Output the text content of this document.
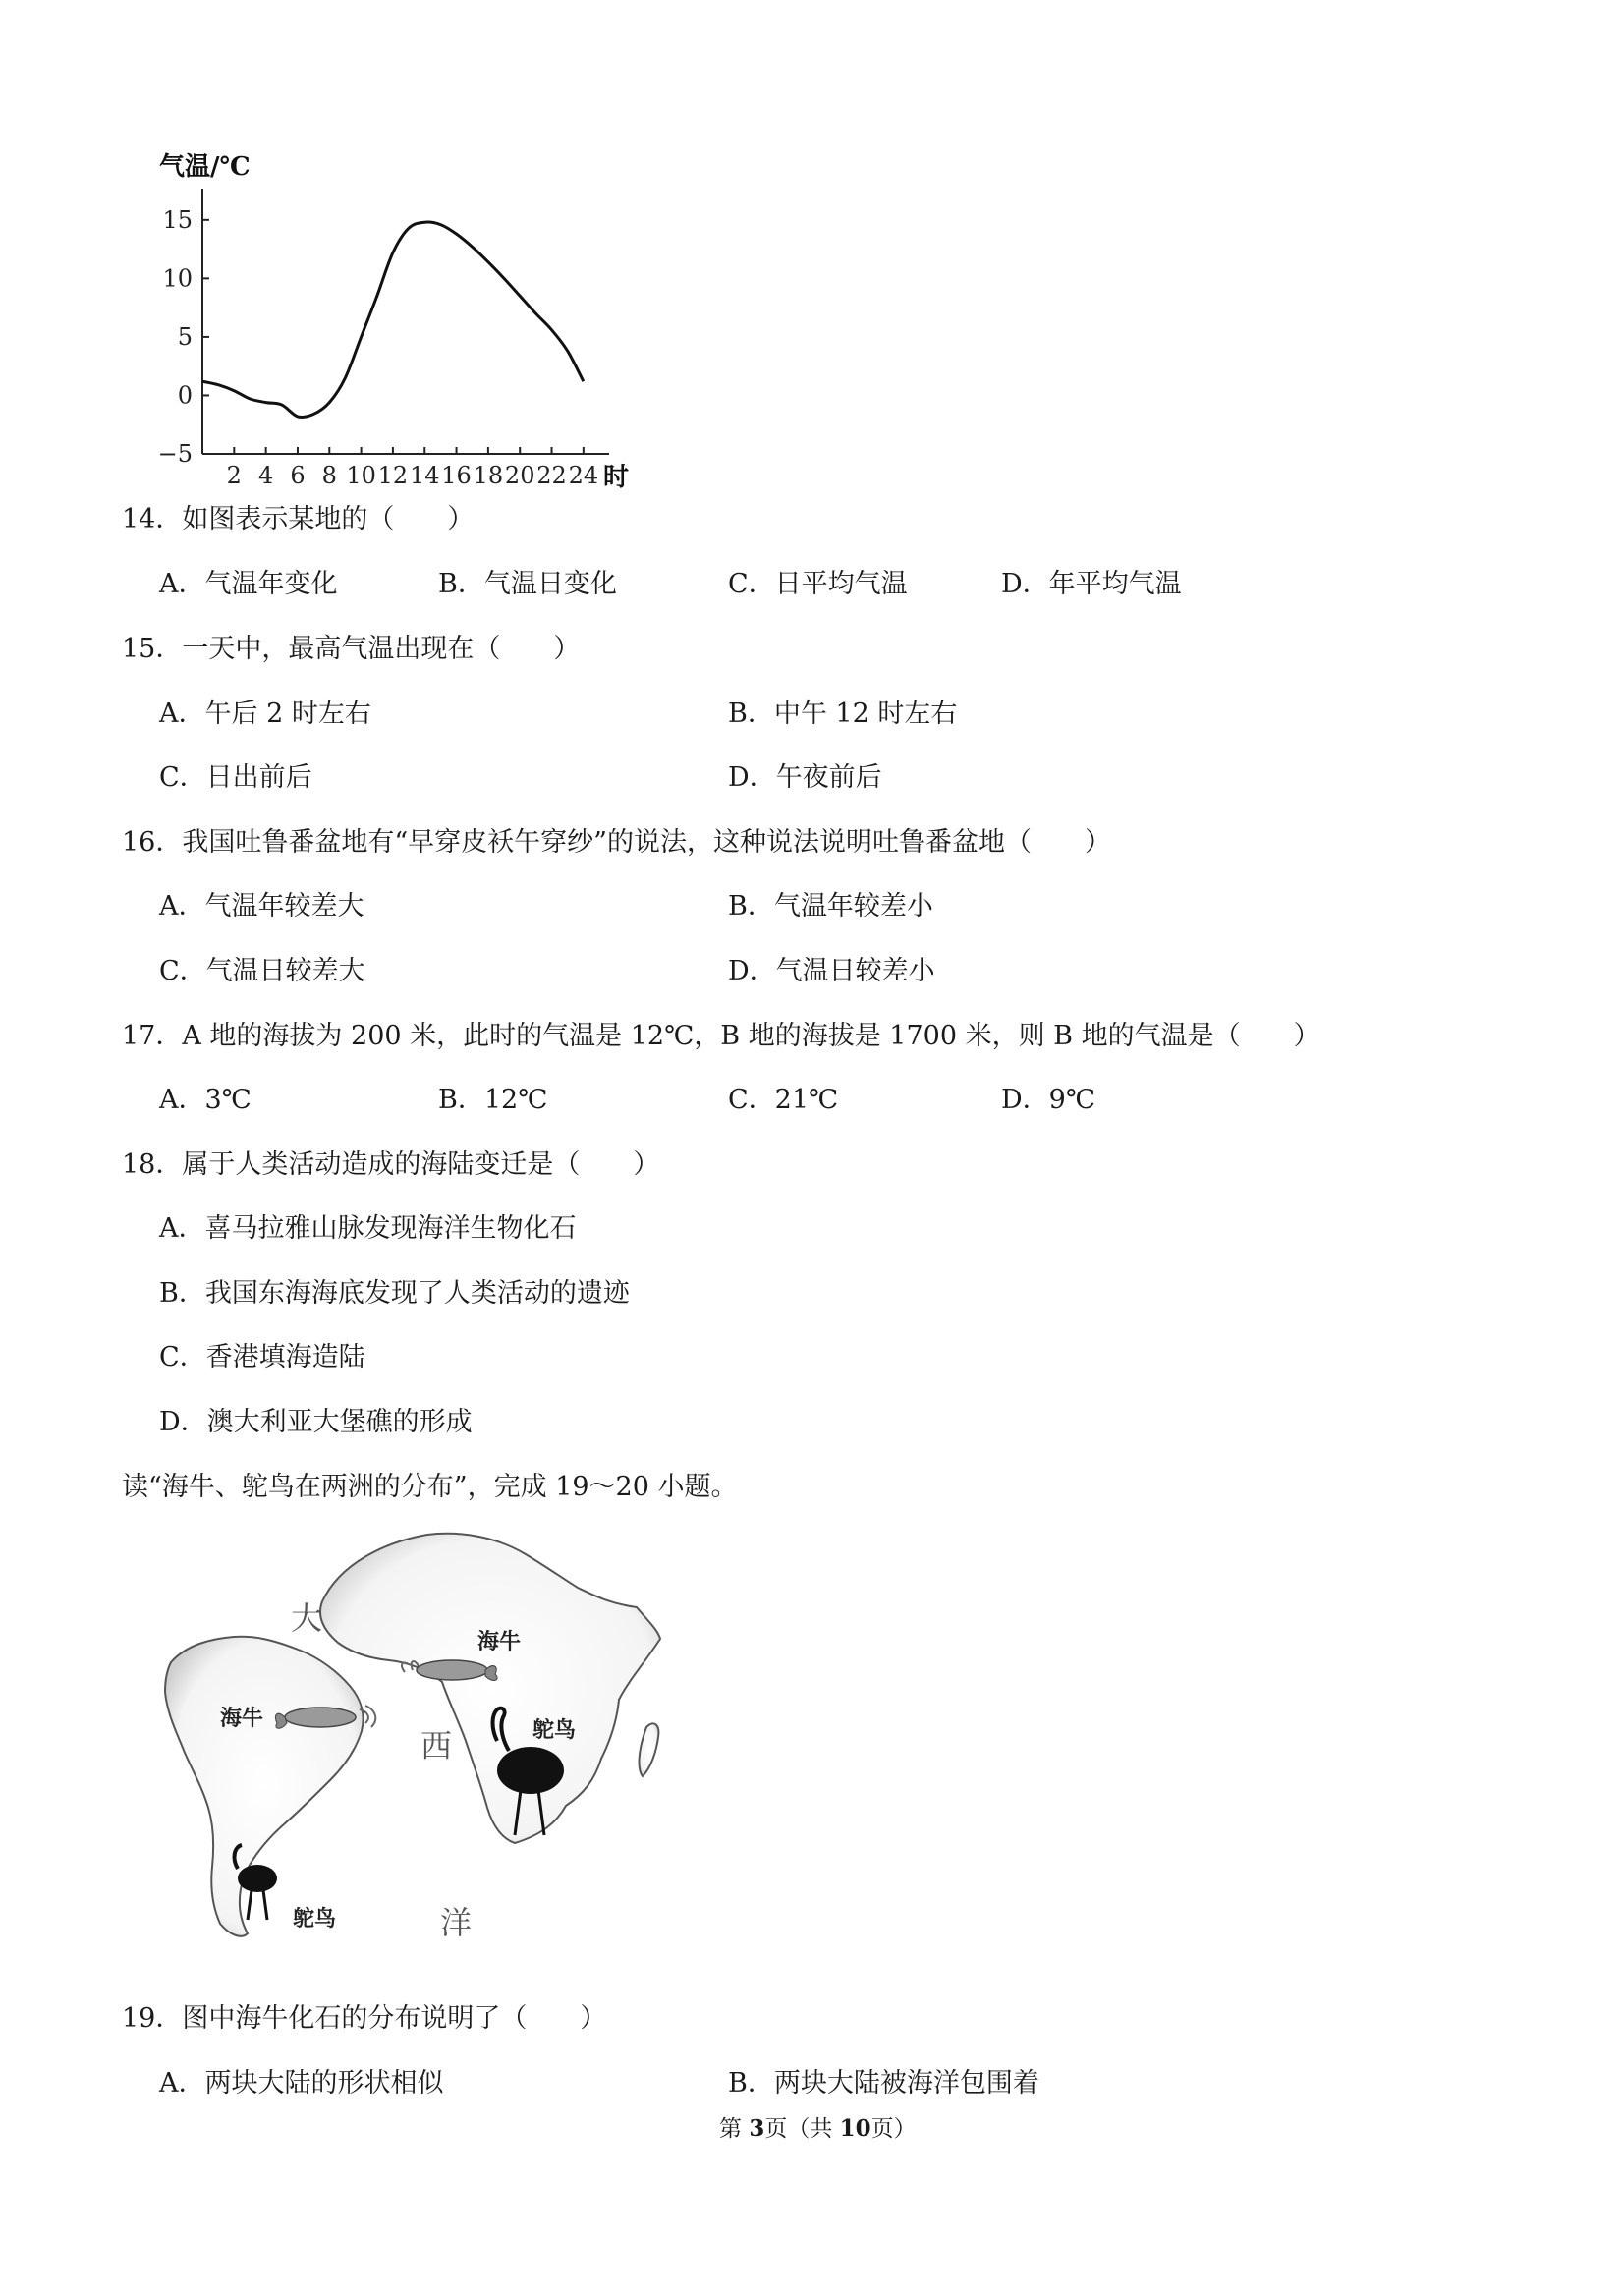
气温/℃
15
10
5
0
−5
2 4 6 8 10 12 14 16 18 20 22 24 时
14．如图表示某地的（　　）
A．气温年变化	B．气温日变化	C．日平均气温	D．年平均气温
15．一天中，最高气温出现在（　　）
A．午后 2 时左右	B．中午 12 时左右
C．日出前后	D．午夜前后
16．我国吐鲁番盆地有“早穿皮袄午穿纱”的说法，这种说法说明吐鲁番盆地（　　）
A．气温年较差大	B．气温年较差小
C．气温日较差大	D．气温日较差小
17．A 地的海拔为 200 米，此时的气温是 12℃，B 地的海拔是 1700 米，则 B 地的气温是（　　）
A．3℃	B．12℃	C．21℃	D．9℃
18．属于人类活动造成的海陆变迁是（　　）
A．喜马拉雅山脉发现海洋生物化石
B．我国东海海底发现了人类活动的遗迹
C．香港填海造陆
D．澳大利亚大堡礁的形成
读“海牛、鸵鸟在两洲的分布”，完成 19～20 小题。
大
西
洋
海牛
海牛	鸵鸟
鸵鸟
19．图中海牛化石的分布说明了（　　）
A．两块大陆的形状相似	B．两块大陆被海洋包围着
第 3页（共 10页）
